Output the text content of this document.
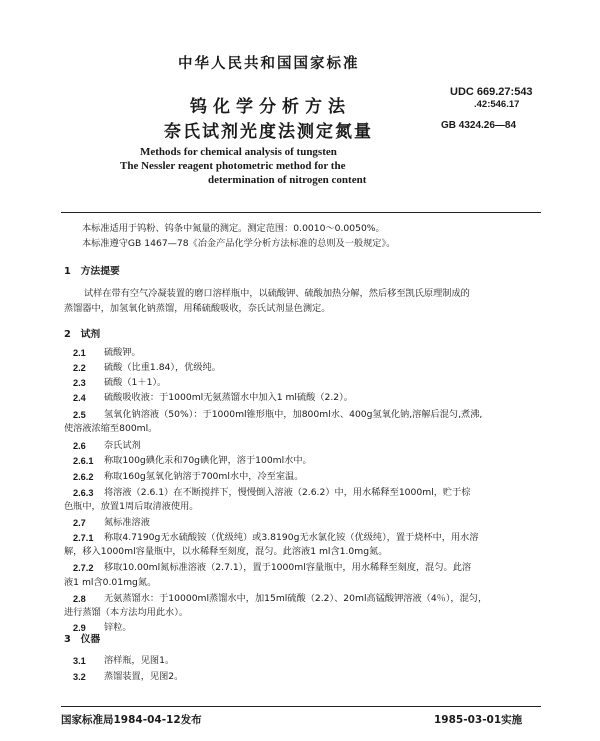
中华人民共和国国家标准
钨化学分析方法
奈氏试剂光度法测定氮量
UDC 669.27:543
.42:546.17
GB 4324.26—84
Methods for chemical analysis of tungsten
The Nessler reagent photometric method for the
determination of nitrogen content
本标准适用于钨粉、钨条中氮量的测定。测定范围：0.0010～0.0050%。
本标准遵守GB 1467—78《冶金产品化学分析方法标准的总则及一般规定》。
1　方法提要
试样在带有空气冷凝装置的磨口溶样瓶中，以硫酸钾、硫酸加热分解，然后移至凯氏原理制成的
蒸馏器中，加氢氧化钠蒸馏，用稀硫酸吸收，奈氏试剂显色测定。
2　试剂
2.1	硫酸钾。
2.2	硫酸（比重1.84），优级纯。
2.3	硫酸（1＋1）。
2.4	硫酸吸收液：于1000ml无氨蒸馏水中加入1 ml硫酸（2.2）。
2.5	氢氧化钠溶液（50%）：于1000ml锥形瓶中，加800ml水、400g氢氧化钠,溶解后混匀,煮沸,
使溶液浓缩至800ml。
2.6	奈氏试剂
2.6.1	称取100g碘化汞和70g碘化钾，溶于100ml水中。
2.6.2	称取160g氢氧化钠溶于700ml水中，冷至室温。
2.6.3	将溶液（2.6.1）在不断搅拌下，慢慢倒入溶液（2.6.2）中，用水稀释至1000ml，贮于棕
色瓶中，放置1周后取清液使用。
2.7	氮标准溶液
2.7.1	称取4.7190g无水硫酸铵（优级纯）或3.8190g无水氯化铵（优级纯），置于烧杯中，用水溶
解，移入1000ml容量瓶中，以水稀释至刻度，混匀。此溶液1 ml含1.0mg氮。
2.7.2	移取10.00ml氮标准溶液（2.7.1），置于1000ml容量瓶中，用水稀释至刻度，混匀。此溶
液1 ml含0.01mg氮。
2.8	无氨蒸馏水：于10000ml蒸馏水中，加15ml硫酸（2.2）、20ml高锰酸钾溶液（4％），混匀，
进行蒸馏（本方法均用此水）。
2.9	锌粒。
3　仪器
3.1	溶样瓶，见图1。
3.2	蒸馏装置，见图2。
国家标准局1984-04-12发布	1985-03-01实施
